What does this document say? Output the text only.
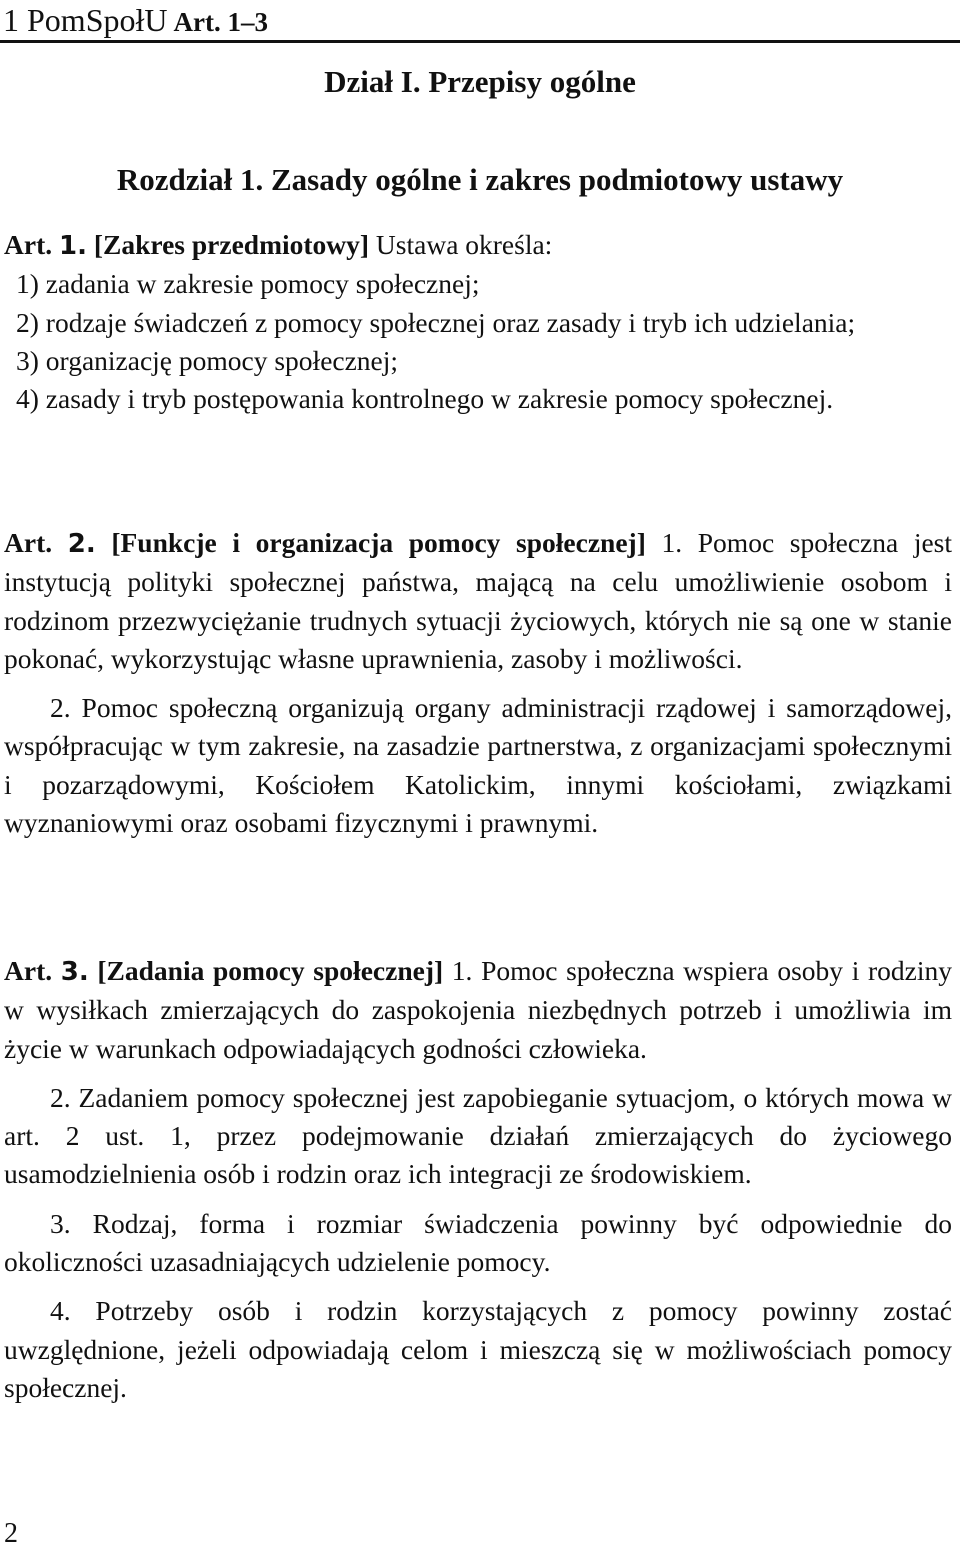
1 PomSpołU Art. 1–3
Dział I. Przepisy ogólne
Rozdział 1. Zasady ogólne i zakres podmiotowy ustawy
Art. 1. [Zakres przedmiotowy] Ustawa określa:
1) zadania w zakresie pomocy społecznej;
2) rodzaje świadczeń z pomocy społecznej oraz zasady i tryb ich udzielania;
3) organizację pomocy społecznej;
4) zasady i tryb postępowania kontrolnego w zakresie pomocy społecznej.
Art. 2. [Funkcje i organizacja pomocy społecznej] 1. Pomoc społeczna jest instytucją polityki społecznej państwa, mającą na celu umożliwienie osobom i rodzinom przezwyciężanie trudnych sytuacji życiowych, których nie są one w stanie pokonać, wykorzystując własne uprawnienia, zasoby i możliwości.
2. Pomoc społeczną organizują organy administracji rządowej i samorządowej, współpracując w tym zakresie, na zasadzie partnerstwa, z organizacjami społecznymi i pozarządowymi, Kościołem Katolickim, innymi kościołami, związkami wyznaniowymi oraz osobami fizycznymi i prawnymi.
Art. 3. [Zadania pomocy społecznej] 1. Pomoc społeczna wspiera osoby i rodziny w wysiłkach zmierzających do zaspokojenia niezbędnych potrzeb i umożliwia im życie w warunkach odpowiadających godności człowieka.
2. Zadaniem pomocy społecznej jest zapobieganie sytuacjom, o których mowa w art. 2 ust. 1, przez podejmowanie działań zmierzających do życiowego usamodzielnienia osób i rodzin oraz ich integracji ze środowiskiem.
3. Rodzaj, forma i rozmiar świadczenia powinny być odpowiednie do okoliczności uzasadniających udzielenie pomocy.
4. Potrzeby osób i rodzin korzystających z pomocy powinny zostać uwzględnione, jeżeli odpowiadają celom i mieszczą się w możliwościach pomocy społecznej.
2
